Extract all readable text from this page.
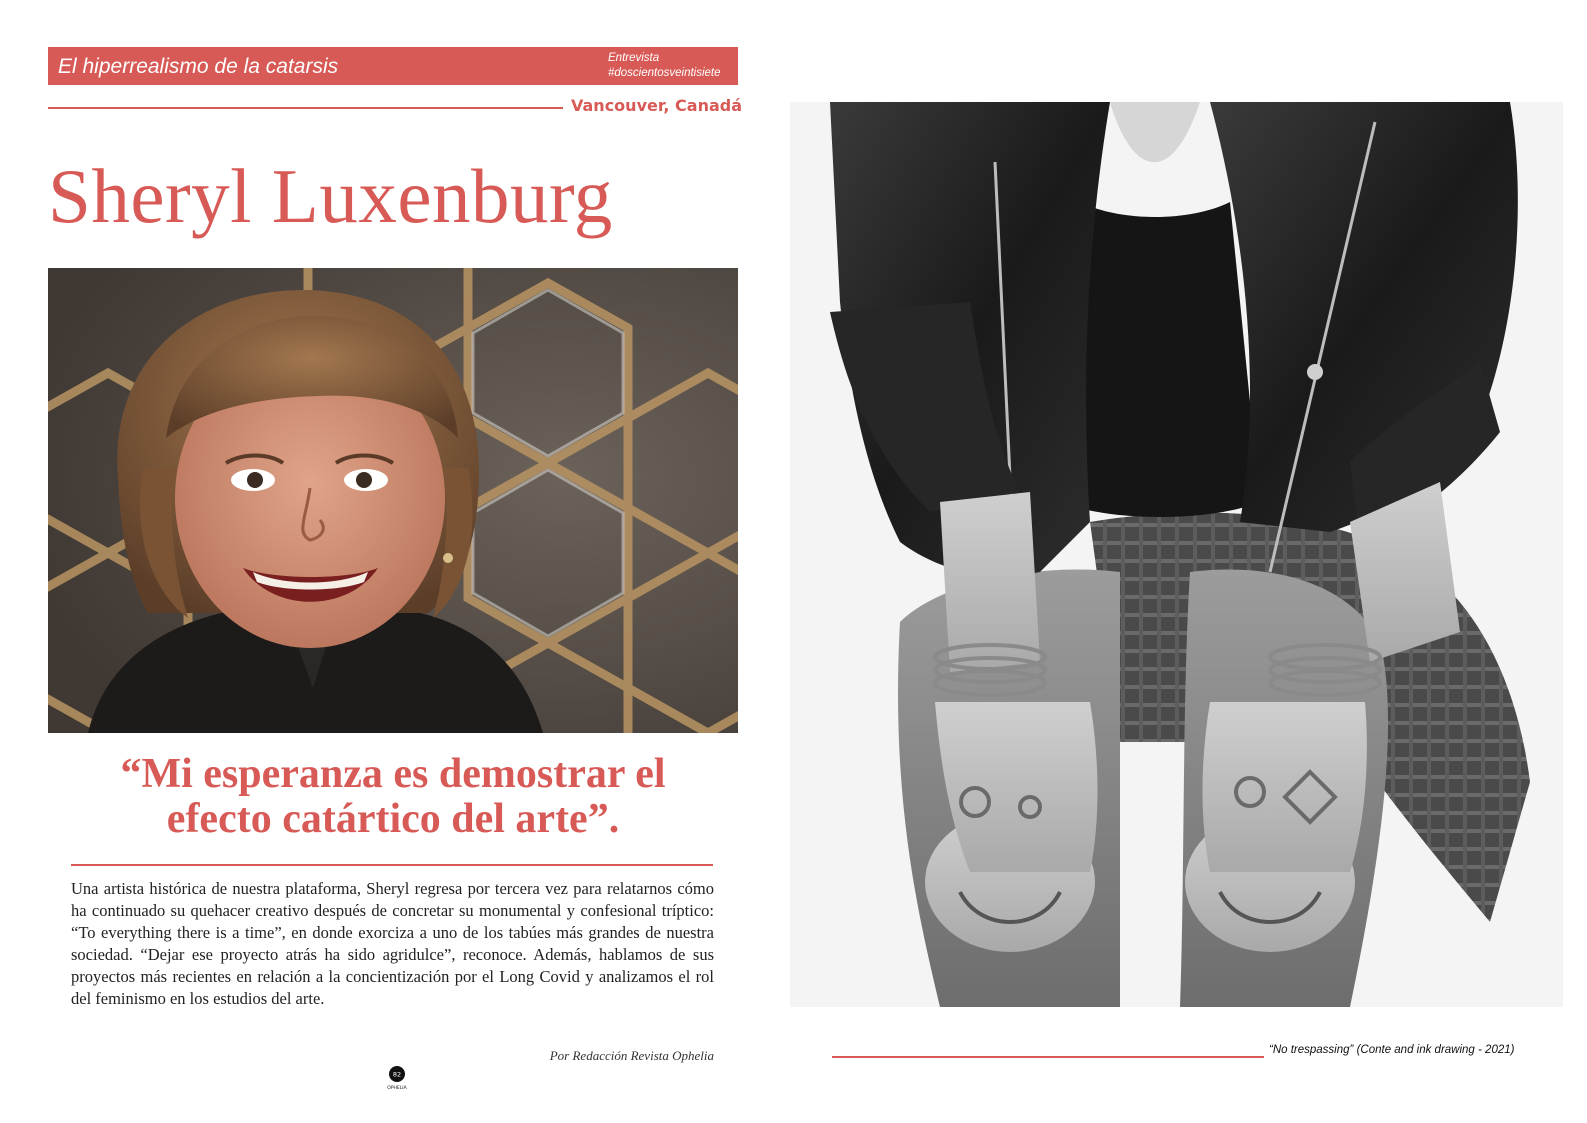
El hiperrealismo de la catarsis	Entrevista
#doscientosveintisiete
Vancouver, Canadá
Sheryl Luxenburg
“Mi esperanza es demostrar el
efecto catártico del arte”.
Una artista histórica de nuestra plataforma, Sheryl regresa por tercera vez para relatarnos cómo ha continuado su quehacer creativo después de concretar su monumental y confesional tríptico: “To everything there is a time”, en donde exorciza a uno de los tabúes más grandes de nuestra sociedad. “Dejar ese proyecto atrás ha sido agridulce”, reconoce. Además, hablamos de sus proyectos más recientes en relación a la concientización por el Long Covid y analizamos el rol del feminismo en los estudios del arte.
Por Redacción Revista Ophelia
82
OPHELIA
“No trespassing” (Conte and ink drawing - 2021)
